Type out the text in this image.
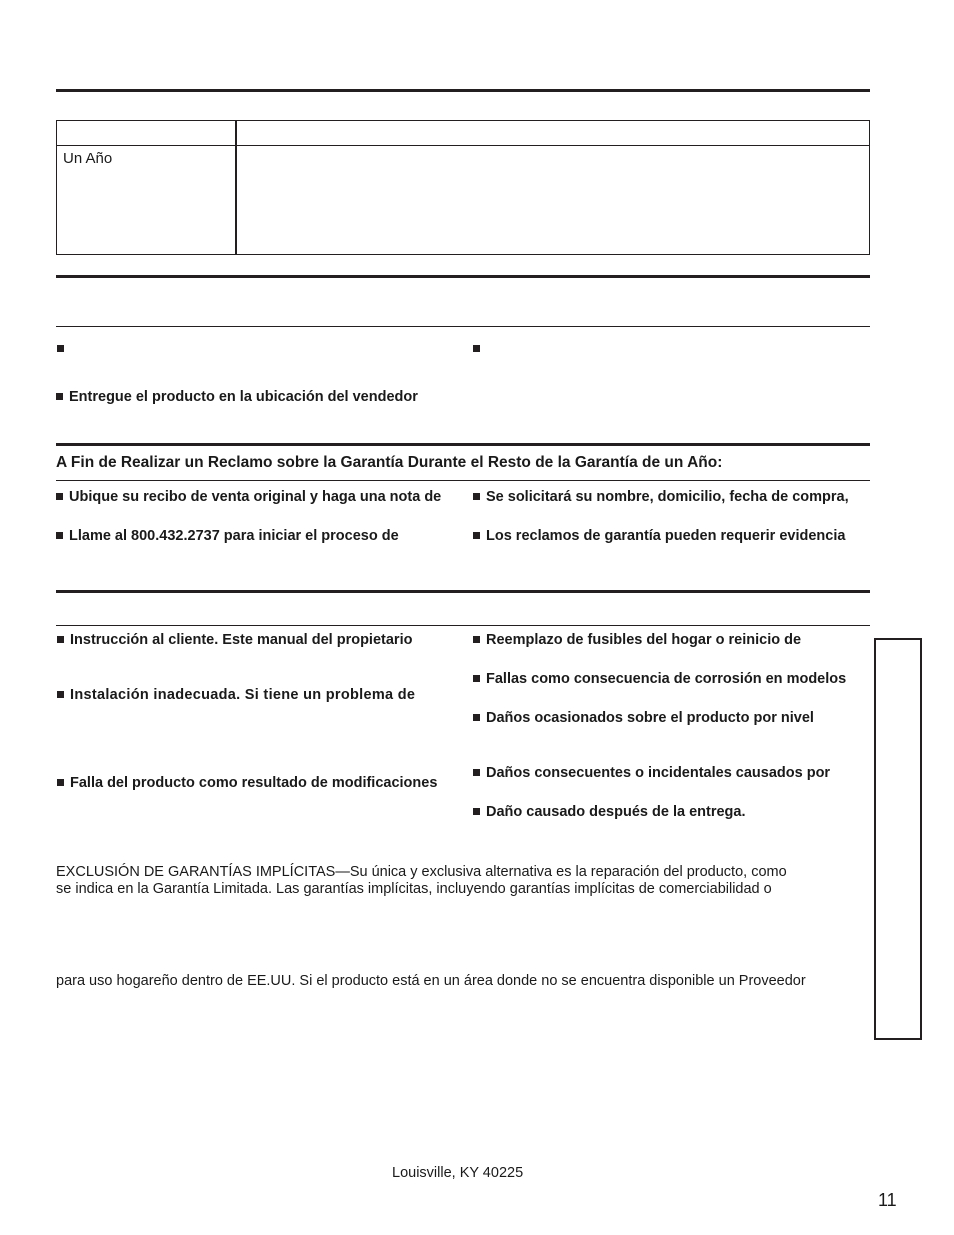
Un Año
Entregue el producto en la ubicación del vendedor
A Fin de Realizar un Reclamo sobre la Garantía Durante el Resto de la Garantía de un Año:
Ubique su recibo de venta original y haga una nota de
Llame al 800.432.2737 para iniciar el proceso de
Se solicitará su nombre, domicilio, fecha de compra,
Los reclamos de garantía pueden requerir evidencia
Instrucción al cliente. Este manual del propietario
Instalación inadecuada. Si tiene un problema de
Falla del producto como resultado de modificaciones
Reemplazo de fusibles del hogar o reinicio de
Fallas como consecuencia de corrosión en modelos
Daños ocasionados sobre el producto por nivel
Daños consecuentes o incidentales causados por
Daño causado después de la entrega.
EXCLUSIÓN DE GARANTÍAS IMPLÍCITAS—Su única y exclusiva alternativa es la reparación del producto, como
se indica en la Garantía Limitada. Las garantías implícitas, incluyendo garantías implícitas de comerciabilidad o
para uso hogareño dentro de EE.UU. Si el producto está en un área donde no se encuentra disponible un Proveedor
Louisville, KY 40225
11
